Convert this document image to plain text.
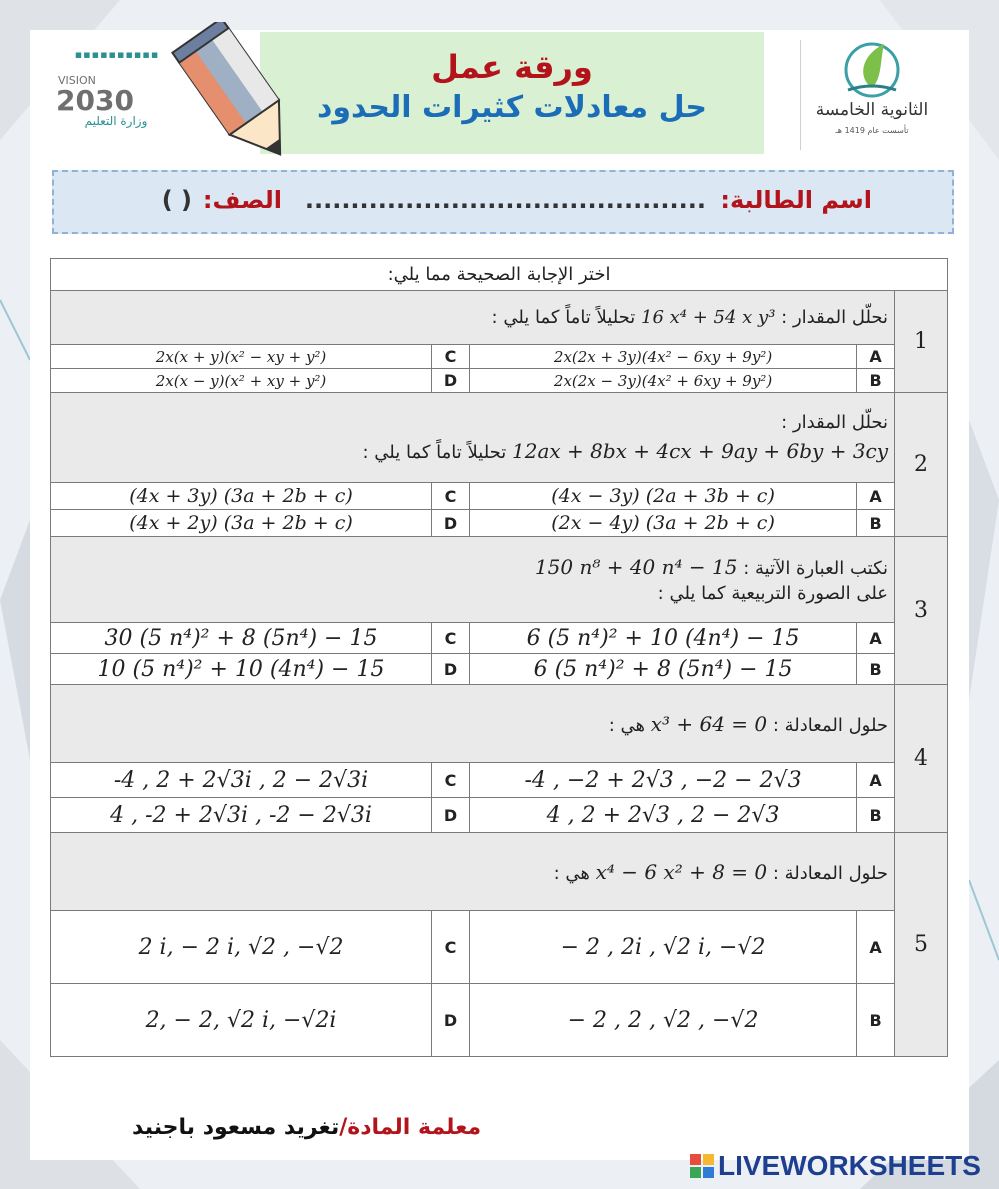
▪▪▪▪▪▪▪▪▪▪
VISION
2030
وزارة التعليم
ورقة عمل
حل معادلات كثيرات الحدود	الثانوية الخامسة
تأسست عام 1419 هـ
اسم الطالبة:
............................................
الصف:
( )
اختر الإجابة الصحيحة مما يلي:				
1	نحلّل المقدار : 16 x⁴ + 54 x y³ تحليلاً تاماً كما يلي :			
	A	2x(2x + 3y)(4x² − 6xy + 9y²)	C	2x(x + y)(x² − xy + y²)
	B	2x(2x − 3y)(4x² + 6xy + 9y²)	D	2x(x − y)(x² + xy + y²)
2	نحلّل المقدار :
12ax + 8bx + 4cx + 9ay + 6by + 3cy تحليلاً تاماً كما يلي :			

	A	(4x − 3y) (2a + 3b + c)	C	(4x + 3y) (3a + 2b + c)
	B	(2x − 4y) (3a + 2b + c)	D	(4x + 2y) (3a + 2b + c)
3	نكتب العبارة الآتية : 150 n⁸ + 40 n⁴ − 15
على الصورة التربيعية كما يلي :			

	A	6 (5 n⁴)² + 10 (4n⁴) − 15	C	30 (5 n⁴)² + 8 (5n⁴) − 15
	B	6 (5 n⁴)² + 8 (5n⁴) − 15	D	10 (5 n⁴)² + 10 (4n⁴) − 15
4	حلول المعادلة : x³ + 64 = 0 هي :			
	A	-4 , −2 + 2√3 , −2 − 2√3	C	-4 , 2 + 2√3i , 2 − 2√3i
	B	4 , 2 + 2√3 , 2 − 2√3	D	4 , -2 + 2√3i , -2 − 2√3i
5	حلول المعادلة : x⁴ − 6 x² + 8 = 0 هي :			
	A	− 2 , 2i , √2 i, −√2	C	2 i, − 2 i, √2 , −√2
	B	− 2 , 2 , √2 , −√2	D	2, − 2, √2 i, −√2i
معلمة المادة/تغريد مسعود باجنيد
LIVEWORKSHEETS
